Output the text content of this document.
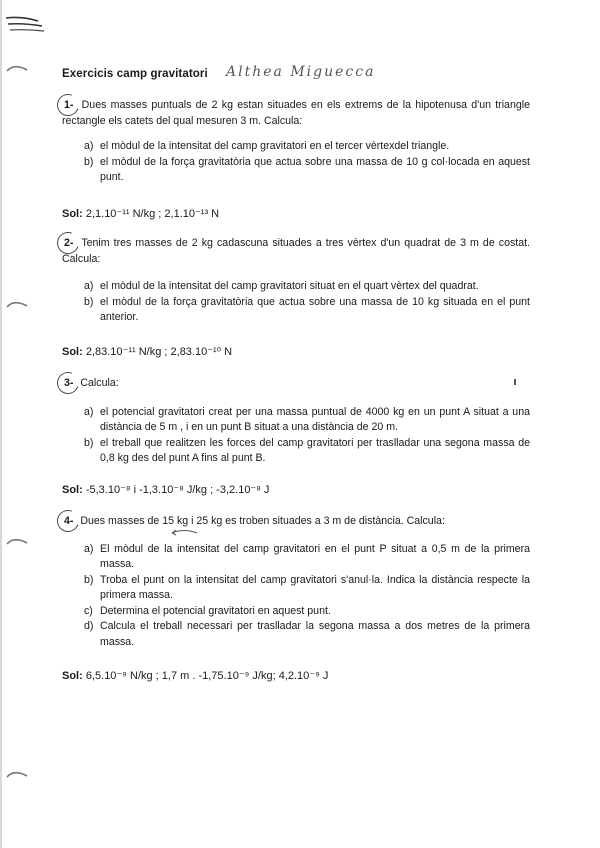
Exercicis camp gravitatori Althea Miguecca
1- Dues masses puntuals de 2 kg estan situades en els extrems de la hipotenusa d'un triangle rectangle els catets del qual mesuren 3 m. Calcula:
a) el mòdul de la intensitat del camp gravitatori en el tercer vèrtexdel triangle.
b) el mòdul de la força gravitatòria que actua sobre una massa de 10 g col·locada en aquest punt.
Sol: 2,1.10⁻¹¹ N/kg ; 2,1.10⁻¹³ N
2- Tenim tres masses de 2 kg cadascuna situades a tres vèrtex d'un quadrat de 3 m de costat. Calcula:
a) el mòdul de la intensitat del camp gravitatori situat en el quart vèrtex del quadrat.
b) el mòdul de la força gravitatòria que actua sobre una massa de 10 kg situada en el punt anterior.
Sol: 2,83.10⁻¹¹ N/kg ; 2,83.10⁻¹⁰ N
3- Calcula:
a) el potencial gravitatori creat per una massa puntual de 4000 kg en un punt A situat a una distància de 5 m , i en un punt B situat a una distància de 20 m.
b) el treball que realitzen les forces del camp gravitatori per traslladar una segona massa de 0,8 kg des del punt A fins al punt B.
Sol: -5,3.10⁻⁸ i -1,3.10⁻⁸ J/kg ; -3,2.10⁻⁸ J
4- Dues masses de 15 kg i 25 kg es troben situades a 3 m de distància. Calcula:
a) El mòdul de la intensitat del camp gravitatori en el punt P situat a 0,5 m de la primera massa.
b) Troba el punt on la intensitat del camp gravitatori s'anul·la. Indica la distància respecte la primera massa.
c) Determina el potencial gravitatori en aquest punt.
d) Calcula el treball necessari per traslladar la segona massa a dos metres de la primera massa.
Sol: 6,5.10⁻⁹ N/kg ; 1,7 m . -1,75.10⁻⁹ J/kg; 4,2.10⁻⁹ J
